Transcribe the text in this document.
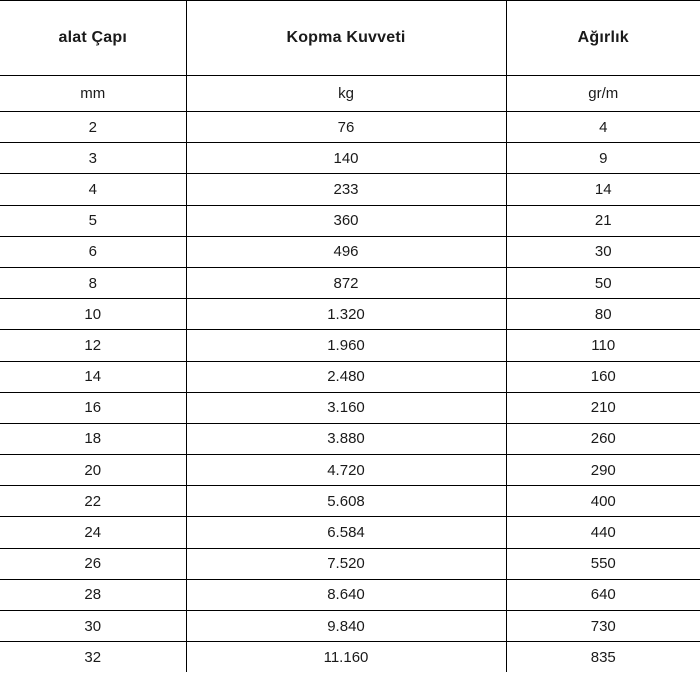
alat Çapı	Kopma Kuvveti	Ağırlık

mm	kg	gr/m

2	76	4

3	140	9

4	233	14

5	360	21

6	496	30

8	872	50

10	1.320	80

12	1.960	110

14	2.480	160

16	3.160	210

18	3.880	260

20	4.720	290

22	5.608	400

24	6.584	440

26	7.520	550

28	8.640	640

30	9.840	730

32	11.160	835
